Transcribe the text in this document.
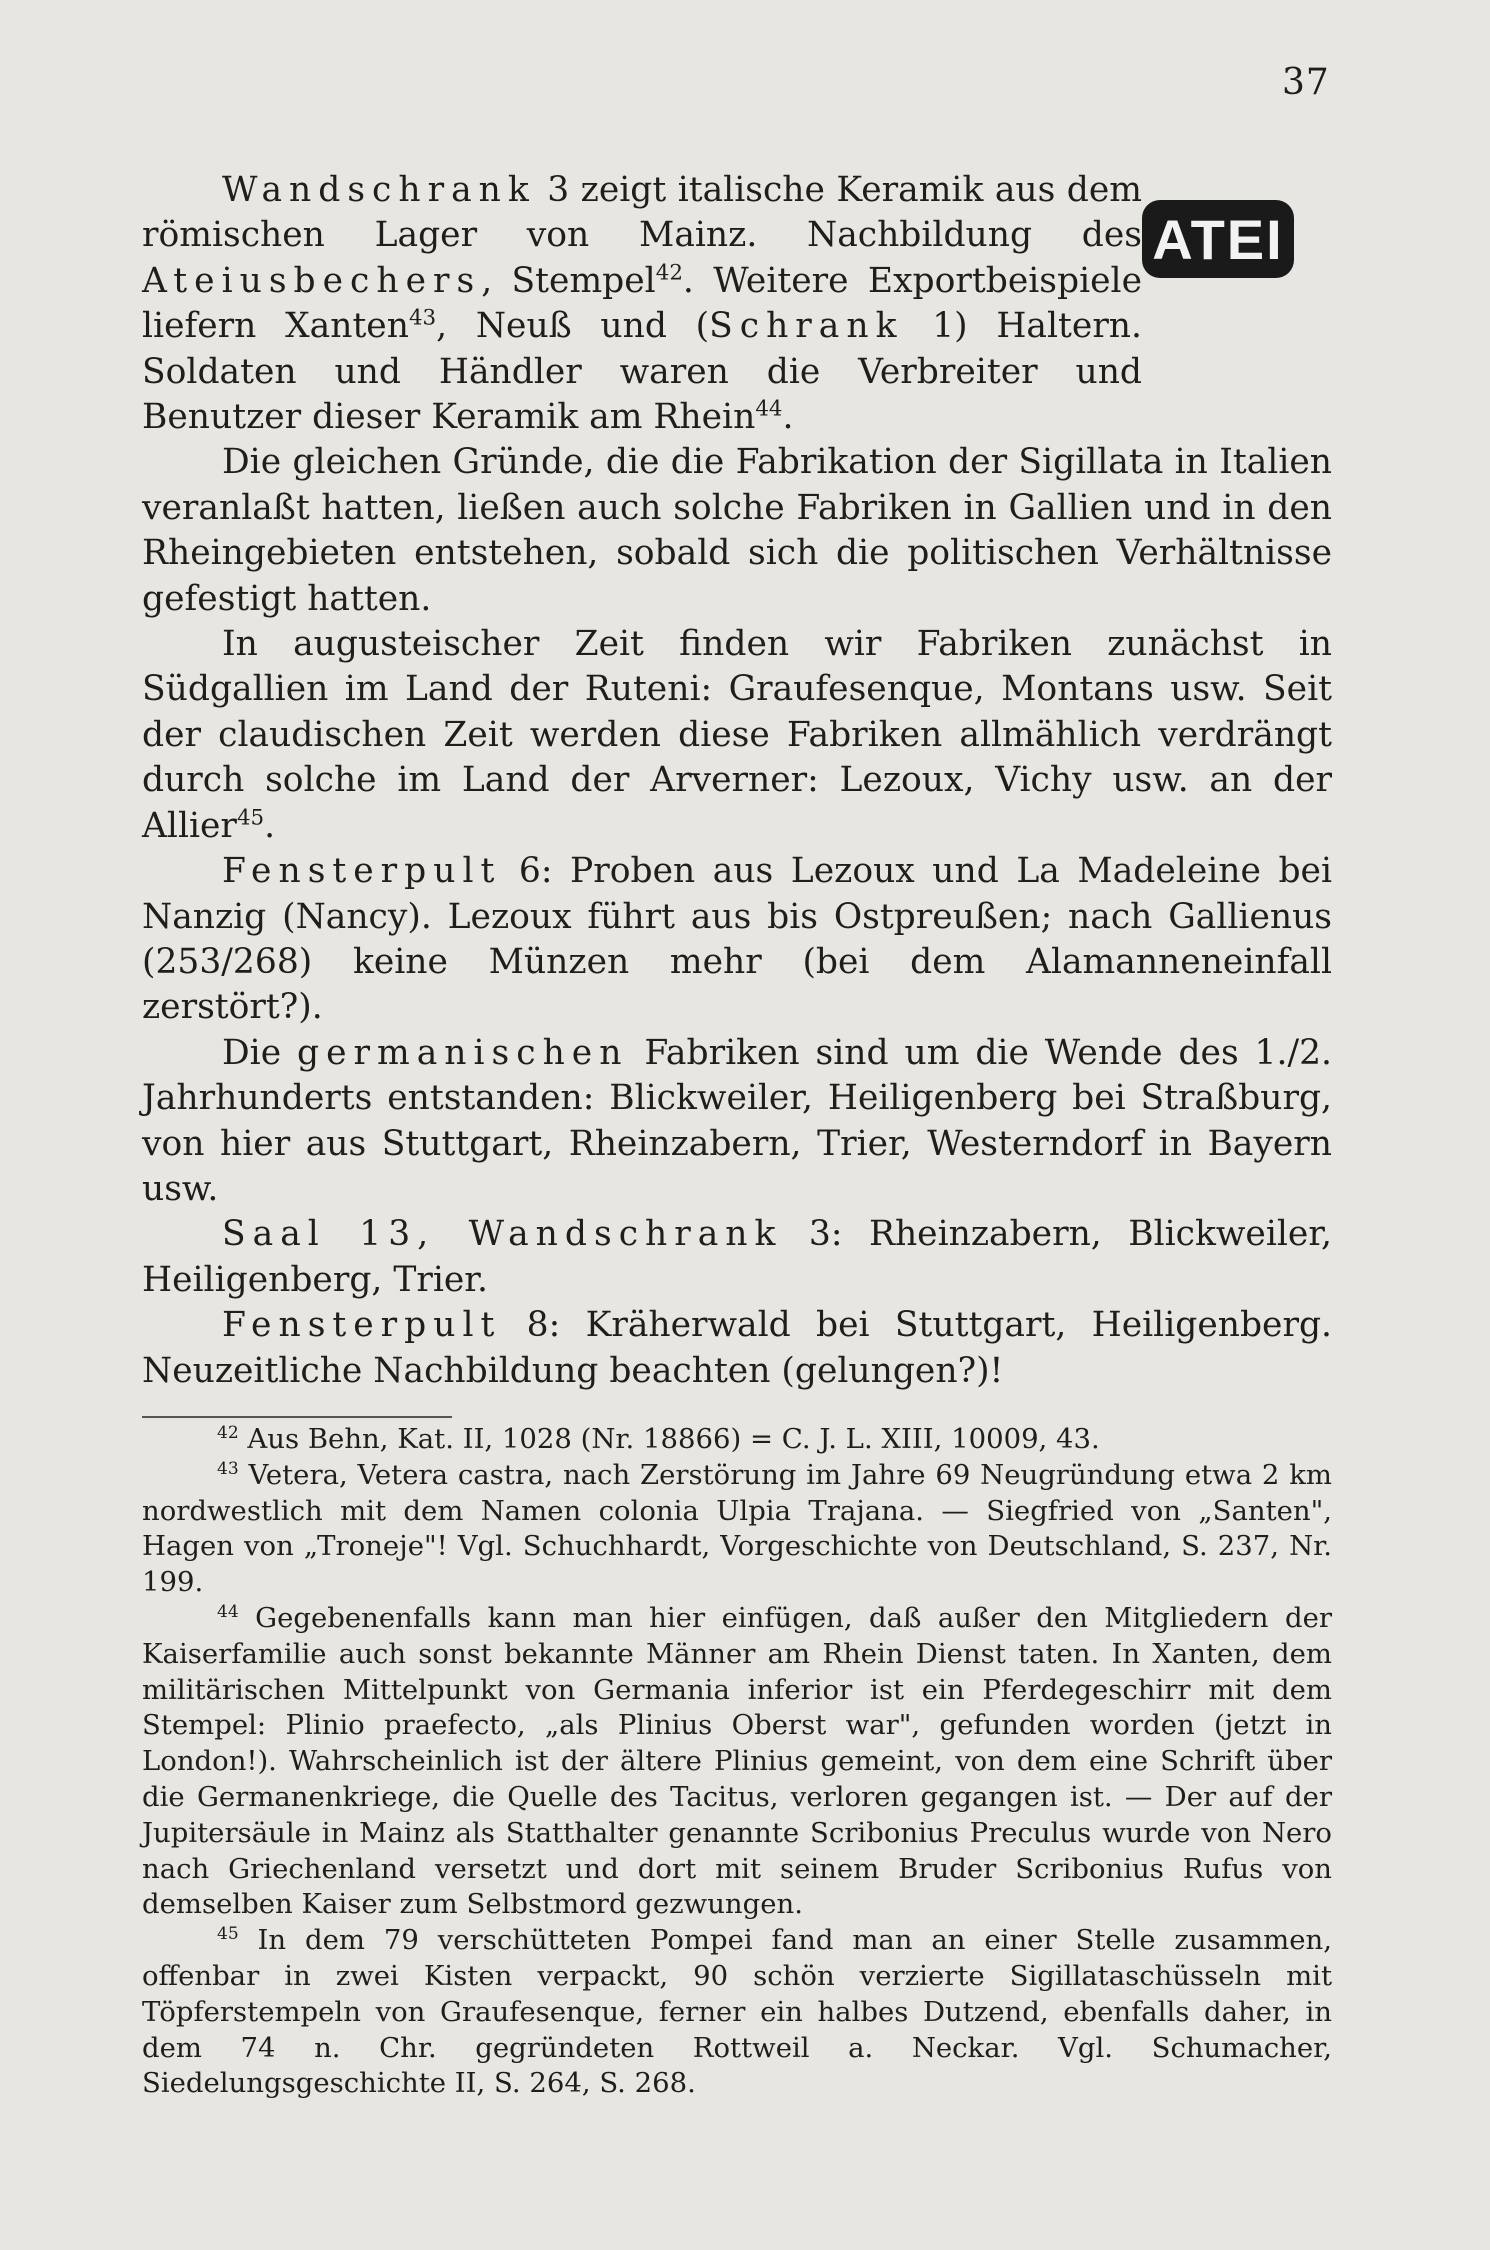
37
ATEI

Wandschrank 3 zeigt italische Keramik aus dem römischen Lager von Mainz. Nachbildung des Ateiusbechers, Stempel$^{42}$. Weitere Exportbeispiele liefern Xanten$^{43}$, Neuß und (Schrank 1) Haltern. Soldaten und Händler waren die Verbreiter und Benutzer dieser Keramik am Rhein$^{44}$.

Die gleichen Gründe, die die Fabrikation der Sigillata in Italien veranlaßt hatten, ließen auch solche Fabriken in Gallien und in den Rheingebieten entstehen, sobald sich die politischen Verhältnisse gefestigt hatten.

In augusteischer Zeit finden wir Fabriken zunächst in Südgallien im Land der Ruteni: Graufesenque, Montans usw. Seit der claudischen Zeit werden diese Fabriken allmählich verdrängt durch solche im Land der Arverner: Lezoux, Vichy usw. an der Allier$^{45}$.

Fensterpult 6: Proben aus Lezoux und La Madeleine bei Nanzig (Nancy). Lezoux führt aus bis Ostpreußen; nach Gallienus (253/268) keine Münzen mehr (bei dem Alamanneneinfall zerstört?).

Die germanischen Fabriken sind um die Wende des 1./2. Jahrhunderts entstanden: Blickweiler, Heiligenberg bei Straßburg, von hier aus Stuttgart, Rheinzabern, Trier, Westerndorf in Bayern usw.

Saal 13, Wandschrank 3: Rheinzabern, Blickweiler, Heiligenberg, Trier.

Fensterpult 8: Kräherwald bei Stuttgart, Heiligenberg. Neuzeitliche Nachbildung beachten (gelungen?)!

$^{42}$ Aus Behn, Kat. II, 1028 (Nr. 18866) = C. J. L. XIII, 10009, 43.

$^{43}$ Vetera, Vetera castra, nach Zerstörung im Jahre 69 Neugründung etwa 2 km nordwestlich mit dem Namen colonia Ulpia Trajana. — Siegfried von „Santen", Hagen von „Troneje"! Vgl. Schuchhardt, Vorgeschichte von Deutschland, S. 237, Nr. 199.

$^{44}$ Gegebenenfalls kann man hier einfügen, daß außer den Mitgliedern der Kaiserfamilie auch sonst bekannte Männer am Rhein Dienst taten. In Xanten, dem militärischen Mittelpunkt von Germania inferior ist ein Pferdegeschirr mit dem Stempel: Plinio praefecto, „als Plinius Oberst war", gefunden worden (jetzt in London!). Wahrscheinlich ist der ältere Plinius gemeint, von dem eine Schrift über die Germanenkriege, die Quelle des Tacitus, verloren gegangen ist. — Der auf der Jupitersäule in Mainz als Statthalter genannte Scribonius Preculus wurde von Nero nach Griechenland versetzt und dort mit seinem Bruder Scribonius Rufus von demselben Kaiser zum Selbstmord gezwungen.

$^{45}$ In dem 79 verschütteten Pompei fand man an einer Stelle zusammen, offenbar in zwei Kisten verpackt, 90 schön verzierte Sigillataschüsseln mit Töpferstempeln von Graufesenque, ferner ein halbes Dutzend, ebenfalls daher, in dem 74 n. Chr. gegründeten Rottweil a. Neckar. Vgl. Schumacher, Siedelungsgeschichte II, S. 264, S. 268.
